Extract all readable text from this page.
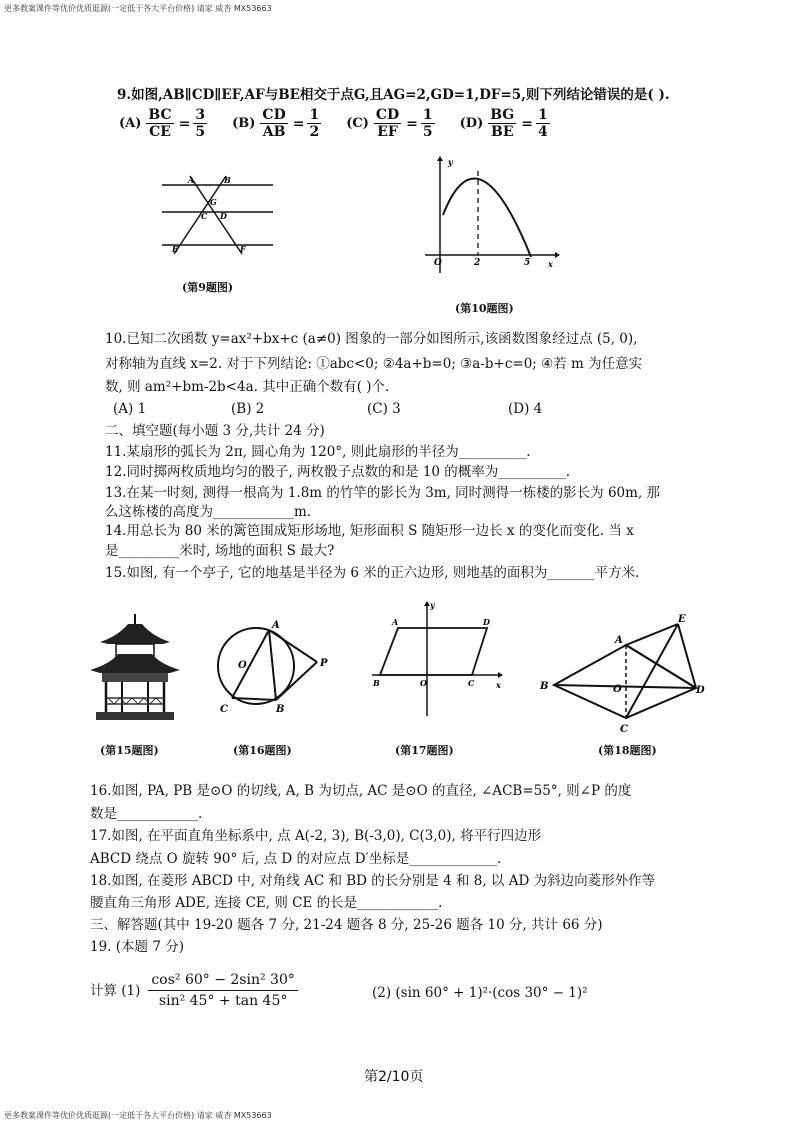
更多教案课件等优价优质逛源(一定低于各大平台价格) 请家 威杏 MX53663
9.如图,AB∥CD∥EF,AF与BE相交于点G,且AG=2,GD=1,DF=5,则下列结论错误的是( ).
$(A) \frac{BC}{CE} = \frac{3}{5} (B) \frac{CD}{AB} = \frac{1}{2} (C) \frac{CD}{EF} = \frac{1}{5} (D) \frac{BG}{BE} = \frac{1}{4}$
A	B
G
C D
E	F
(第9题图)
y
x
O	2	5
(第10题图)
10.已知二次函数 y=ax²+bx+c (a≠0) 图象的一部分如图所示,该函数图象经过点 (5, 0),
对称轴为直线 x=2. 对于下列结论: ①abc<0; ②4a+b=0; ③a-b+c=0; ④若 m 为任意实
数, 则 am²+bm-2b<4a. 其中正确个数有( )个.
(A) 1	(B) 2	(C) 3	(D) 4
二、填空题(每小题 3 分,共计 24 分)
11.某扇形的弧长为 2π, 圆心角为 120°, 则此扇形的半径为__________.
12.同时掷两枚质地均匀的骰子, 两枚骰子点数的和是 10 的概率为__________.
13.在某一时刻, 测得一根高为 1.8m 的竹竿的影长为 3m, 同时测得一栋楼的影长为 60m, 那
么这栋楼的高度为____________m.
14.用总长为 80 米的篱笆围成矩形场地, 矩形面积 S 随矩形一边长 x 的变化而变化. 当 x
是_________米时, 场地的面积 S 最大?
15.如图, 有一个亭子, 它的地基是半径为 6 米的正六边形, 则地基的面积为_______平方米.
A
O	P
C	B
y
x
A	D
B	O	C
A
E
B	O	D
C
(第15题图)	(第16题图)	(第17题图)	(第18题图)
16.如图, PA, PB 是⊙O 的切线, A, B 为切点, AC 是⊙O 的直径, ∠ACB=55°, 则∠P 的度
数是____________.
17.如图, 在平面直角坐标系中, 点 A(-2, 3), B(-3,0), C(3,0), 将平行四边形
ABCD 绕点 O 旋转 90° 后, 点 D 的对应点 D′坐标是_____________.
18.如图, 在菱形 ABCD 中, 对角线 AC 和 BD 的长分别是 4 和 8, 以 AD 为斜边向菱形外作等
腰直角三角形 ADE, 连接 CE, 则 CE 的长是____________.
三、解答题(其中 19-20 题各 7 分, 21-24 题各 8 分, 25-26 题各 10 分, 共计 66 分)
19. (本题 7 分)
计算 $(1) \frac{\text{cos² 60° − 2sin² 30°}}{\text{sin² 45° + tan 45°}}$	(2) (sin 60° + 1)²·(cos 30° − 1)²
第2/10页
更多教案课件等优价优质逛源(一定低于各大平台价格) 请家 威杏 MX53663
